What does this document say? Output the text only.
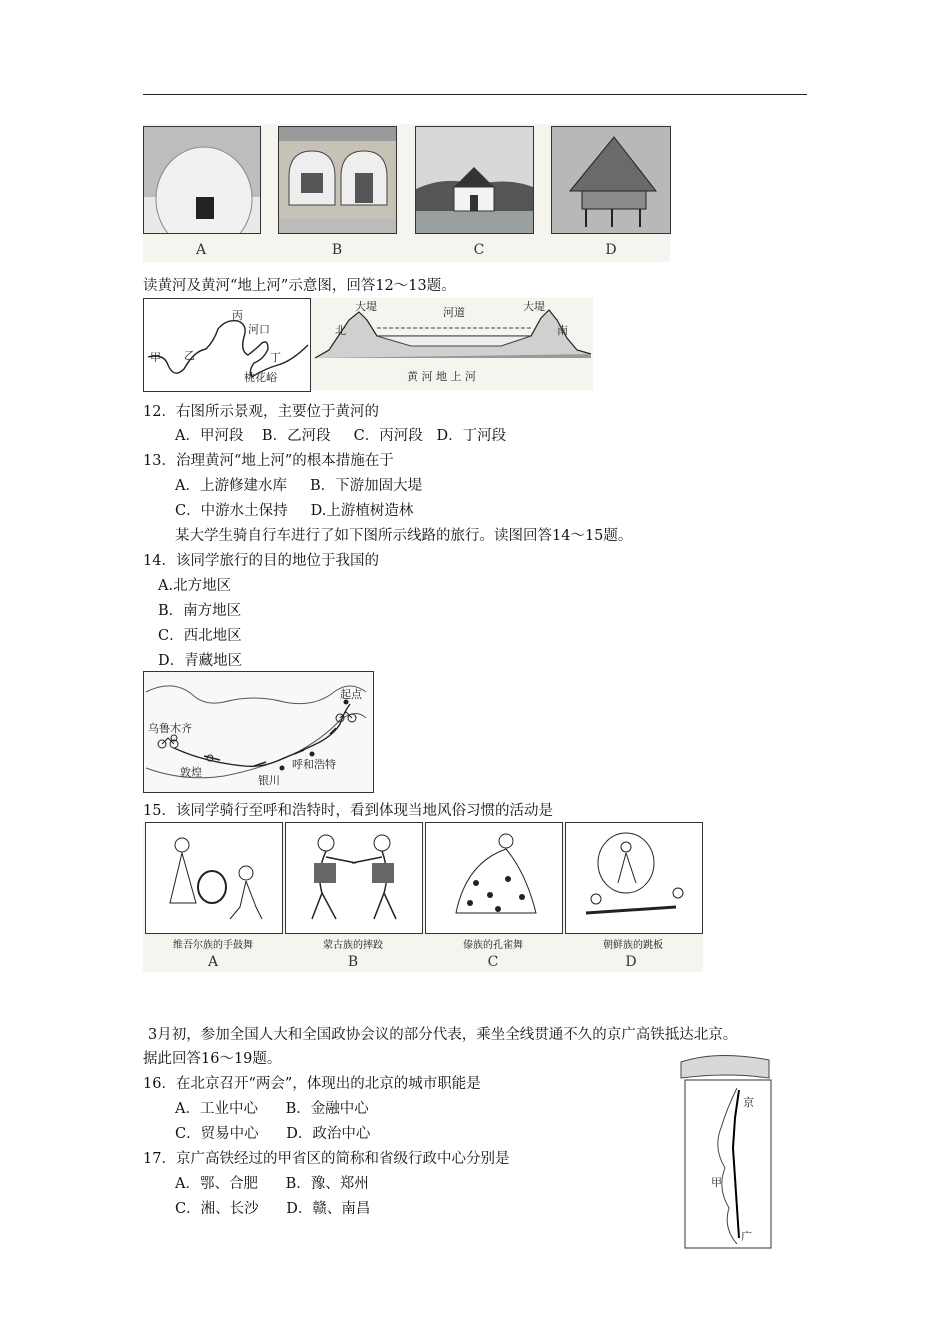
A	B	C	D
读黄河及黄河“地上河”示意图，回答12～13题。
甲 乙
丙
丁
河口
桃花峪
大堤	河道	大堤
北	南
黄 河 地 上 河
12．右图所示景观，主要位于黄河的
A．甲河段    B．乙河段     C．丙河段   D．丁河段
13．治理黄河“地上河”的根本措施在于
A．上游修建水库     B．下游加固大堤
C．中游水土保持     D.上游植树造林
某大学生骑自行车进行了如下图所示线路的旅行。读图回答14～15题。
14．该同学旅行的目的地位于我国的
A.北方地区
B．南方地区
C．西北地区
D．青藏地区
乌鲁木齐
敦煌
银川
呼和浩特
起点
15．该同学骑行至呼和浩特时，看到体现当地风俗习惯的活动是
维吾尔族的手鼓舞	蒙古族的摔跤	傣族的孔雀舞	朝鲜族的跳板
A	B	C	D
3月初，参加全国人大和全国政协会议的部分代表，乘坐全线贯通不久的京广高铁抵达北京。
据此回答16～19题。
16．在北京召开“两会”，体现出的北京的城市职能是
A．工业中心      B．金融中心
C．贸易中心      D．政治中心
17．京广高铁经过的甲省区的简称和省级行政中心分别是
A．鄂、合肥      B．豫、郑州
C．湘、长沙      D．赣、南昌
京
甲
广
